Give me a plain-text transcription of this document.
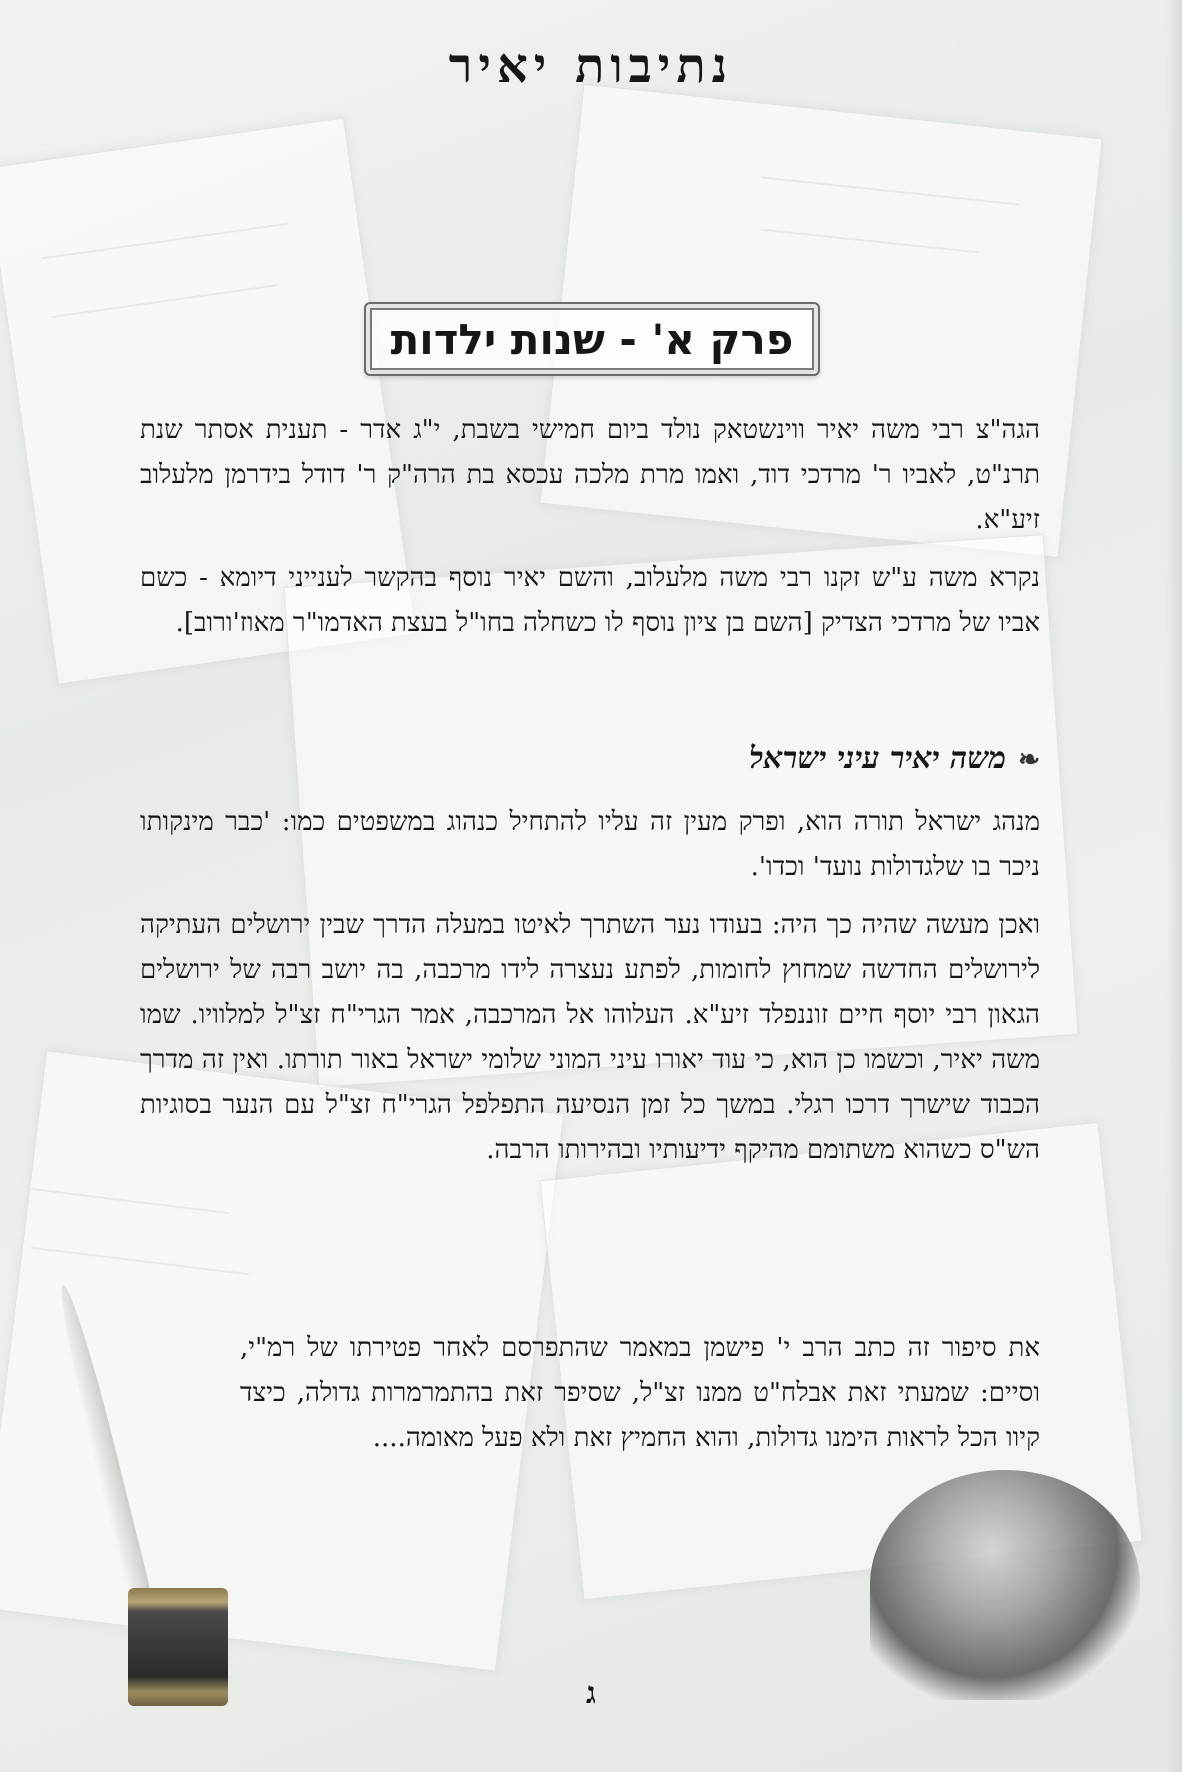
נתיבות יאיר
פרק א' - שנות ילדות

הגה"צ רבי משה יאיר ווינשטאק נולד ביום חמישי בשבת, י"ג אדר - תענית אסתר שנת תרנ"ט, לאביו ר' מרדכי דוד, ואמו מרת מלכה עכסא בת הרה"ק ר' דודל בידרמן מלעלוב זיע"א.

נקרא משה ע"ש זקנו רבי משה מלעלוב, והשם יאיר נוסף בהקשר לענייני דיומא - כשם אביו של מרדכי הצדיק [השם בן ציון נוסף לו כשחלה בחו"ל בעצת האדמו"ר מאוז'ורוב].

❧משה יאיר עיני ישראל

מנהג ישראל תורה הוא, ופרק מעין זה עליו להתחיל כנהוג במשפטים כמו: 'כבר מינקותו ניכר בו שלגדולות נועד' וכדו'.

ואכן מעשה שהיה כך היה: בעודו נער השתרך לאיטו במעלה הדרך שבין ירושלים העתיקה לירושלים החדשה שמחוץ לחומות, לפתע נעצרה לידו מרכבה, בה יושב רבה של ירושלים הגאון רבי יוסף חיים זוננפלד זיע"א. העלוהו אל המרכבה, אמר הגרי"ח זצ"ל למלוויו. שמו משה יאיר, וכשמו כן הוא, כי עוד יאורו עיני המוני שלומי ישראל באור תורתו. ואין זה מדרך הכבוד שישרך דרכו רגלי. במשך כל זמן הנסיעה התפלפל הגרי"ח זצ"ל עם הנער בסוגיות הש"ס כשהוא משתומם מהיקף ידיעותיו ובהירותו הרבה.

את סיפור זה כתב הרב י' פישמן במאמר שהתפרסם לאחר פטירתו של רמ"י, וסיים: שמעתי זאת אבלח"ט ממנו זצ"ל, שסיפר זאת בהתמרמרות גדולה, כיצד קיוו הכל לראות הימנו גדולות, והוא החמיץ זאת ולא פעל מאומה....

ג
